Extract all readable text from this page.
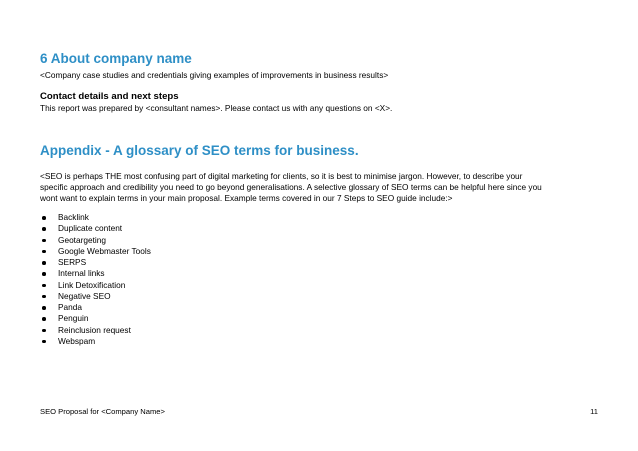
6 About company name

<Company case studies and credentials giving examples of improvements in business results>

Contact details and next steps

This report was prepared by <consultant names>. Please contact us with any questions on <X>.

Appendix - A glossary of SEO terms for business.

<SEO is perhaps THE most confusing part of digital marketing for clients, so it is best to minimise jargon. However, to describe your
specific approach and credibility you need to go beyond generalisations. A selective glossary of SEO terms can be helpful here since you
wont want to explain terms in your main proposal. Example terms covered in our 7 Steps to SEO guide include:>

Backlink
Duplicate content
Geotargeting
Google Webmaster Tools
SERPS
Internal links
Link Detoxification
Negative SEO
Panda
Penguin
Reinclusion request
Webspam

SEO Proposal for <Company Name>	11
